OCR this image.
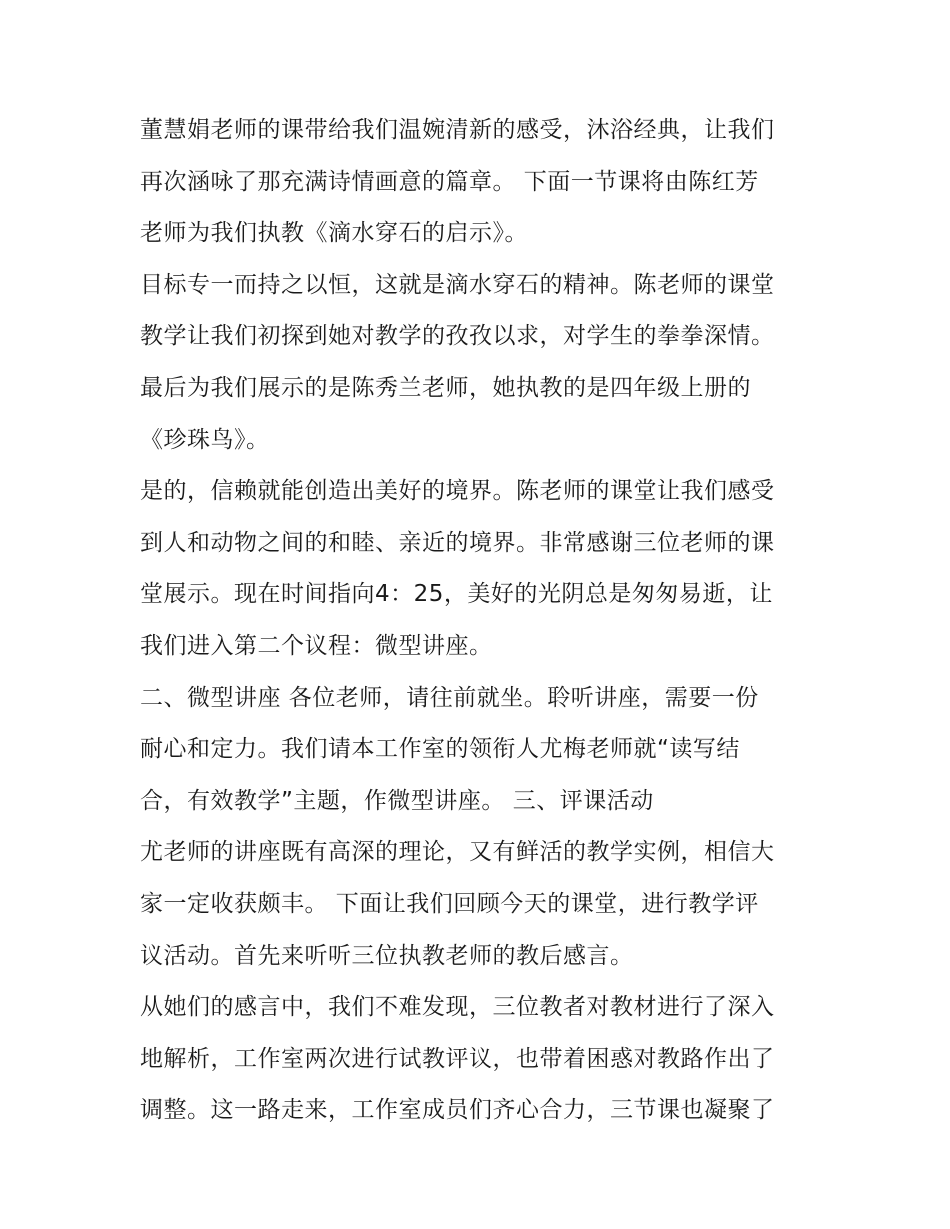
董慧娟老师的课带给我们温婉清新的感受，沐浴经典，让我们
再次涵咏了那充满诗情画意的篇章。 下面一节课将由陈红芳
老师为我们执教《滴水穿石的启示》。
目标专一而持之以恒，这就是滴水穿石的精神。陈老师的课堂
教学让我们初探到她对教学的孜孜以求，对学生的拳拳深情。
最后为我们展示的是陈秀兰老师，她执教的是四年级上册的
《珍珠鸟》。
是的，信赖就能创造出美好的境界。陈老师的课堂让我们感受
到人和动物之间的和睦、亲近的境界。非常感谢三位老师的课
堂展示。现在时间指向4：25，美好的光阴总是匆匆易逝，让
我们进入第二个议程：微型讲座。
二、微型讲座 各位老师，请往前就坐。聆听讲座，需要一份
耐心和定力。我们请本工作室的领衔人尤梅老师就“读写结
合，有效教学”主题，作微型讲座。 三、评课活动
尤老师的讲座既有高深的理论，又有鲜活的教学实例，相信大
家一定收获颇丰。 下面让我们回顾今天的课堂，进行教学评
议活动。首先来听听三位执教老师的教后感言。
从她们的感言中，我们不难发现，三位教者对教材进行了深入
地解析，工作室两次进行试教评议，也带着困惑对教路作出了
调整。这一路走来，工作室成员们齐心合力，三节课也凝聚了
